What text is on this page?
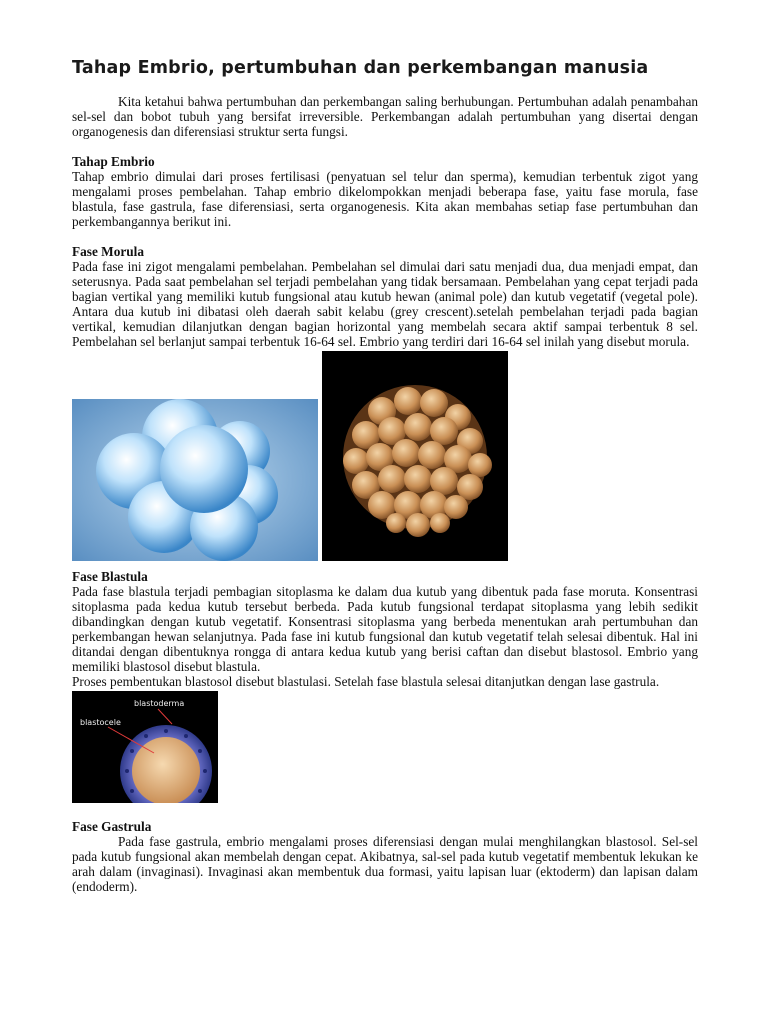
Tahap Embrio, pertumbuhan dan perkembangan manusia

Kita ketahui bahwa pertumbuhan dan perkembangan saling berhubungan. Pertumbuhan adalah penambahan sel-sel dan bobot tubuh yang bersifat irreversible. Perkembangan adalah pertumbuhan yang disertai dengan organogenesis dan diferensiasi struktur serta fungsi.

Tahap Embrio

Tahap embrio dimulai dari proses fertilisasi (penyatuan sel telur dan sperma), kemudian terbentuk zigot yang mengalami proses pembelahan. Tahap embrio dikelompokkan menjadi beberapa fase, yaitu fase morula, fase blastula, fase gastrula, fase diferensiasi, serta organogenesis. Kita akan membahas setiap fase pertumbuhan dan perkembangannya berikut ini.

Fase Morula

Pada fase ini zigot mengalami pembelahan. Pembelahan sel dimulai dari satu menjadi dua, dua menjadi empat, dan seterusnya. Pada saat pembelahan sel terjadi pembelahan yang tidak bersamaan. Pembelahan yang cepat terjadi pada bagian vertikal yang memiliki kutub fungsional atau kutub hewan (animal pole) dan kutub vegetatif (vegetal pole). Antara dua kutub ini dibatasi oleh daerah sabit kelabu (grey crescent).setelah pembelahan terjadi pada bagian vertikal, kemudian dilanjutkan dengan bagian horizontal yang membelah secara aktif sampai terbentuk 8 sel. Pembelahan sel berlanjut sampai terbentuk 16-64 sel. Embrio yang terdiri dari 16-64 sel inilah yang disebut morula.

Fase Blastula

Pada fase blastula terjadi pembagian sitoplasma ke dalam dua kutub yang dibentuk pada fase moruta. Konsentrasi sitoplasma pada kedua kutub tersebut berbeda. Pada kutub fungsional terdapat sitoplasma yang lebih sedikit dibandingkan dengan kutub vegetatif. Konsentrasi sitoplasma yang berbeda menentukan arah pertumbuhan dan perkembangan hewan selanjutnya. Pada fase ini kutub fungsional dan kutub vegetatif telah selesai dibentuk. Hal ini ditandai dengan dibentuknya rongga di antara kedua kutub yang berisi caftan dan disebut blastosol. Embrio yang memiliki blastosol disebut blastula.

Proses pembentukan blastosol disebut blastulasi. Setelah fase blastula selesai ditanjutkan dengan lase gastrula.

blastoderma
blastocele
Fase Gastrula

Pada fase gastrula, embrio mengalami proses diferensiasi dengan mulai menghilangkan blastosol. Sel-sel pada kutub fungsional akan membelah dengan cepat. Akibatnya, sal-sel pada kutub vegetatif membentuk lekukan ke arah dalam (invaginasi). Invaginasi akan membentuk dua formasi, yaitu lapisan luar (ektoderm) dan lapisan dalam (endoderm).
